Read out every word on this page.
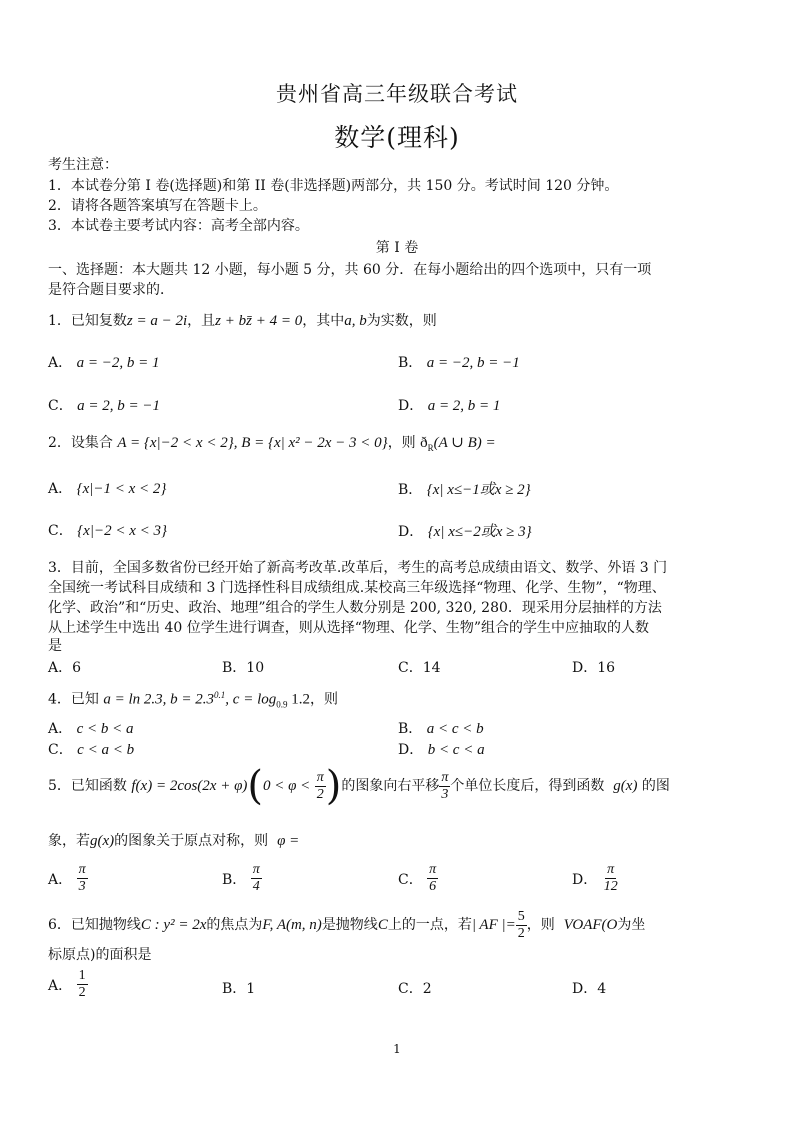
贵州省高三年级联合考试
数学(理科)
考生注意：
1．本试卷分第 I 卷(选择题)和第 II 卷(非选择题)两部分，共 150 分。考试时间 120 分钟。
2．请将各题答案填写在答题卡上。
3．本试卷主要考试内容：高考全部内容。
第 I 卷
一、选择题：本大题共 12 小题，每小题 5 分，共 60 分．在每小题给出的四个选项中，只有一项
是符合题目要求的．
1．已知复数z = a − 2i，且z + bz̄ + 4 = 0，其中a, b为实数，则
A． a = −2, b = 1	B． a = −2, b = −1
C． a = 2, b = −1	D． a = 2, b = 1
2．设集合 A = {x|−2 < x < 2}, B = {x| x² − 2x − 3 < 0}，则 $ð_R(A$ ∪ B) =
A． {x|−1 < x < 2}	B． {x| x≤−1或x ≥ 2}
C． {x|−2 < x < 3}	D． {x| x≤−2或x ≥ 3}
3．目前，全国多数省份已经开始了新高考改革.改革后，考生的高考总成绩由语文、数学、外语 3 门
全国统一考试科目成绩和 3 门选择性科目成绩组成.某校高三年级选择“物理、化学、生物”，“物理、
化学、政治”和“历史、政治、地理”组合的学生人数分别是 200, 320, 280．现采用分层抽样的方法
从上述学生中选出 40 位学生进行调查，则从选择“物理、化学、生物”组合的学生中应抽取的人数
是
A．6	B．10	C．14	D．16
4．已知 a = ln 2.3, $b = 2.3^{0.1}$, $c = \log_{0.9} 1.2$，则
A． c < b < a	B． a < c < b
C． c < a < b	D． b < c < a
5．已知函数
f(x) = 2cos(2x + φ) ( 0 < φ <
$\frac{\pi}{2}$ ) 的图象向右平移 $\frac{\pi}{3}$ 个单位长度后，得到函数
g(x)
的图
象，若g(x)的图象关于原点对称，则 φ =
A．
$\frac{\pi}{3}$	B．
$\frac{\pi}{4}$	C．
$\frac{\pi}{6}$	D．
$\frac{\pi}{12}$
6．已知抛物线 C : y² = 2x 的焦点为 F, A(m, n) 是抛物线 C 上的一点，若 | AF |= $\frac{5}{2}$ ，则
VOAF(O 为坐
标原点)的面积是
A．
$\frac{1}{2}$	B．1	C．2	D．4
1
